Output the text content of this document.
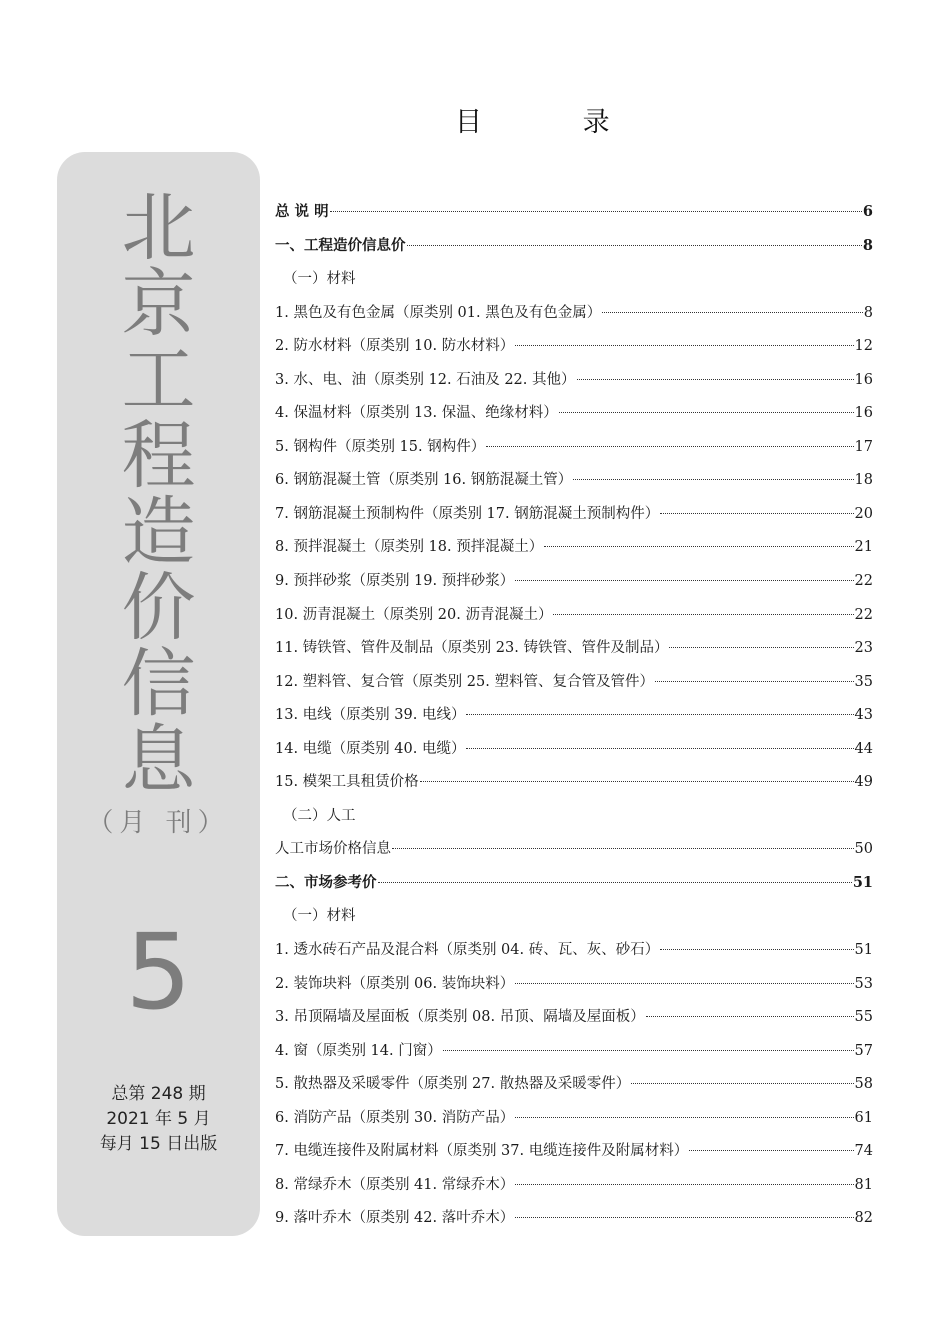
目 录
北
京
工
程
造
价
信
息
（月 刊）
5
总第 248 期
2021 年 5 月
每月 15 日出版
总 说 明	6
一、工程造价信息价	8
（一）材料
1. 黑色及有色金属（原类别 01. 黑色及有色金属）	8
2. 防水材料（原类别 10. 防水材料）	12
3. 水、电、油（原类别 12. 石油及 22. 其他）	16
4. 保温材料（原类别 13. 保温、绝缘材料）	16
5. 钢构件（原类别 15. 钢构件）	17
6. 钢筋混凝土管（原类别 16. 钢筋混凝土管）	18
7. 钢筋混凝土预制构件（原类别 17. 钢筋混凝土预制构件）	20
8. 预拌混凝土（原类别 18. 预拌混凝土）	21
9. 预拌砂浆（原类别 19. 预拌砂浆）	22
10. 沥青混凝土（原类别 20. 沥青混凝土）	22
11. 铸铁管、管件及制品（原类别 23. 铸铁管、管件及制品）	23
12. 塑料管、复合管（原类别 25. 塑料管、复合管及管件）	35
13. 电线（原类别 39. 电线）	43
14. 电缆（原类别 40. 电缆）	44
15. 模架工具租赁价格	49
（二）人工
人工市场价格信息	50
二、市场参考价	51
（一）材料
1. 透水砖石产品及混合料（原类别 04. 砖、瓦、灰、砂石）	51
2. 装饰块料（原类别 06. 装饰块料）	53
3. 吊顶隔墙及屋面板（原类别 08. 吊顶、隔墙及屋面板）	55
4. 窗（原类别 14. 门窗）	57
5. 散热器及采暖零件（原类别 27. 散热器及采暖零件）	58
6. 消防产品（原类别 30. 消防产品）	61
7. 电缆连接件及附属材料（原类别 37. 电缆连接件及附属材料）	74
8. 常绿乔木（原类别 41. 常绿乔木）	81
9. 落叶乔木（原类别 42. 落叶乔木）	82
